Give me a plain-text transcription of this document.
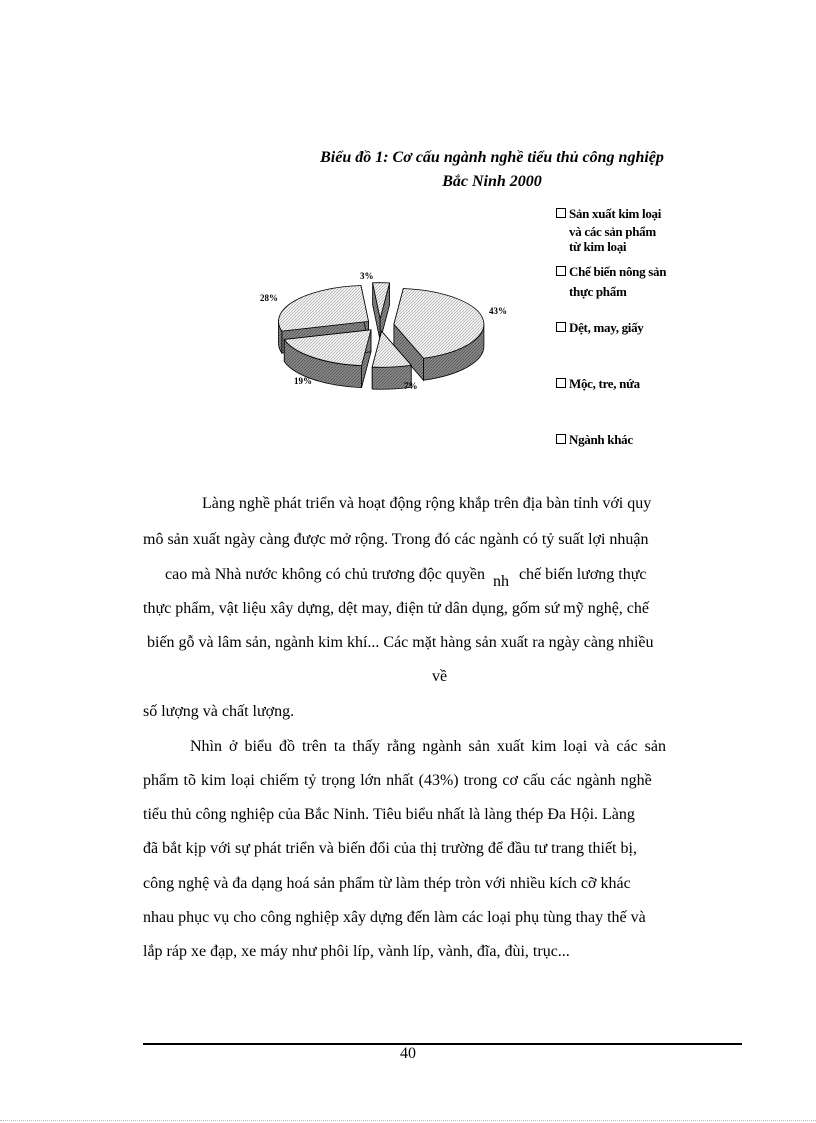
Biểu đồ 1: Cơ cấu ngành nghề tiểu thủ công nghiệp
Bắc Ninh 2000
43%
7%
19%
28%
3%
Sản xuất kim loại
và các sản phẩm
từ kim loại
Chế biến nông sản
thực phẩm
Dệt, may, giấy
Mộc, tre, nứa
Ngành khác
Làng nghề phát triển và hoạt động rộng khắp trên địa bàn tỉnh với quy
mô sản xuất ngày càng được mở rộng. Trong đó các ngành có tỷ suất lợi nhuận
cao mà Nhà nước không có chủ trương độc quyền nh chế biến lương thực
thực phẩm, vật liệu xây dựng, dệt may, điện tử dân dụng, gốm sứ mỹ nghệ, chế
biến gỗ và lâm sản, ngành kim khí... Các mặt hàng sản xuất ra ngày càng nhiều
về
số lượng và chất lượng.
Nhìn ở biểu đồ trên ta thấy rằng ngành sản xuất kim loại và các sản
phẩm tõ kim loại chiếm tỷ trọng lớn nhất (43%) trong cơ cấu các ngành nghề
tiểu thủ công nghiệp của Bắc Ninh. Tiêu biểu nhất là làng thép Đa Hội. Làng
đã bắt kịp với sự phát triển và biến đổi của thị trường để đầu tư trang thiết bị,
công nghệ và đa dạng hoá sản phẩm từ làm thép tròn với nhiều kích cỡ khác
nhau phục vụ cho công nghiệp xây dựng đến làm các loại phụ tùng thay thế và
lắp ráp xe đạp, xe máy như phôi líp, vành líp, vành, đĩa, đùi, trục...
40
